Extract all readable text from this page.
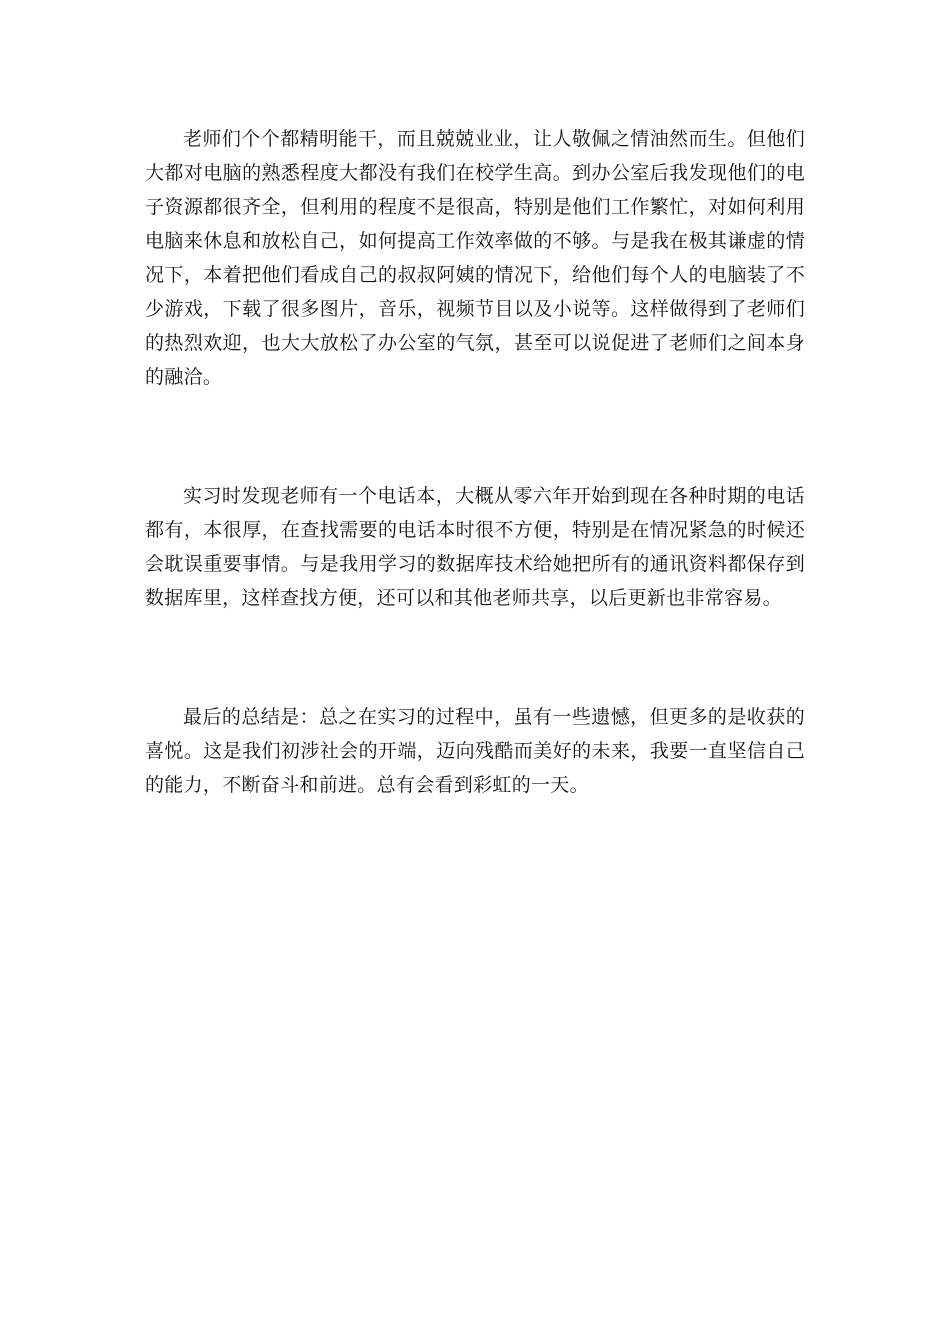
老师们个个都精明能干，而且兢兢业业，让人敬佩之情油然而生。但他们大都对电脑的熟悉程度大都没有我们在校学生高。到办公室后我发现他们的电子资源都很齐全，但利用的程度不是很高，特别是他们工作繁忙，对如何利用电脑来休息和放松自己，如何提高工作效率做的不够。与是我在极其谦虚的情况下，本着把他们看成自己的叔叔阿姨的情况下，给他们每个人的电脑装了不少游戏，下载了很多图片，音乐，视频节目以及小说等。这样做得到了老师们的热烈欢迎，也大大放松了办公室的气氛，甚至可以说促进了老师们之间本身的融洽。

实习时发现老师有一个电话本，大概从零六年开始到现在各种时期的电话都有，本很厚，在查找需要的电话本时很不方便，特别是在情况紧急的时候还会耽误重要事情。与是我用学习的数据库技术给她把所有的通讯资料都保存到数据库里，这样查找方便，还可以和其他老师共享，以后更新也非常容易。

最后的总结是：总之在实习的过程中，虽有一些遗憾，但更多的是收获的喜悦。这是我们初涉社会的开端，迈向残酷而美好的未来，我要一直坚信自己的能力，不断奋斗和前进。总有会看到彩虹的一天。
